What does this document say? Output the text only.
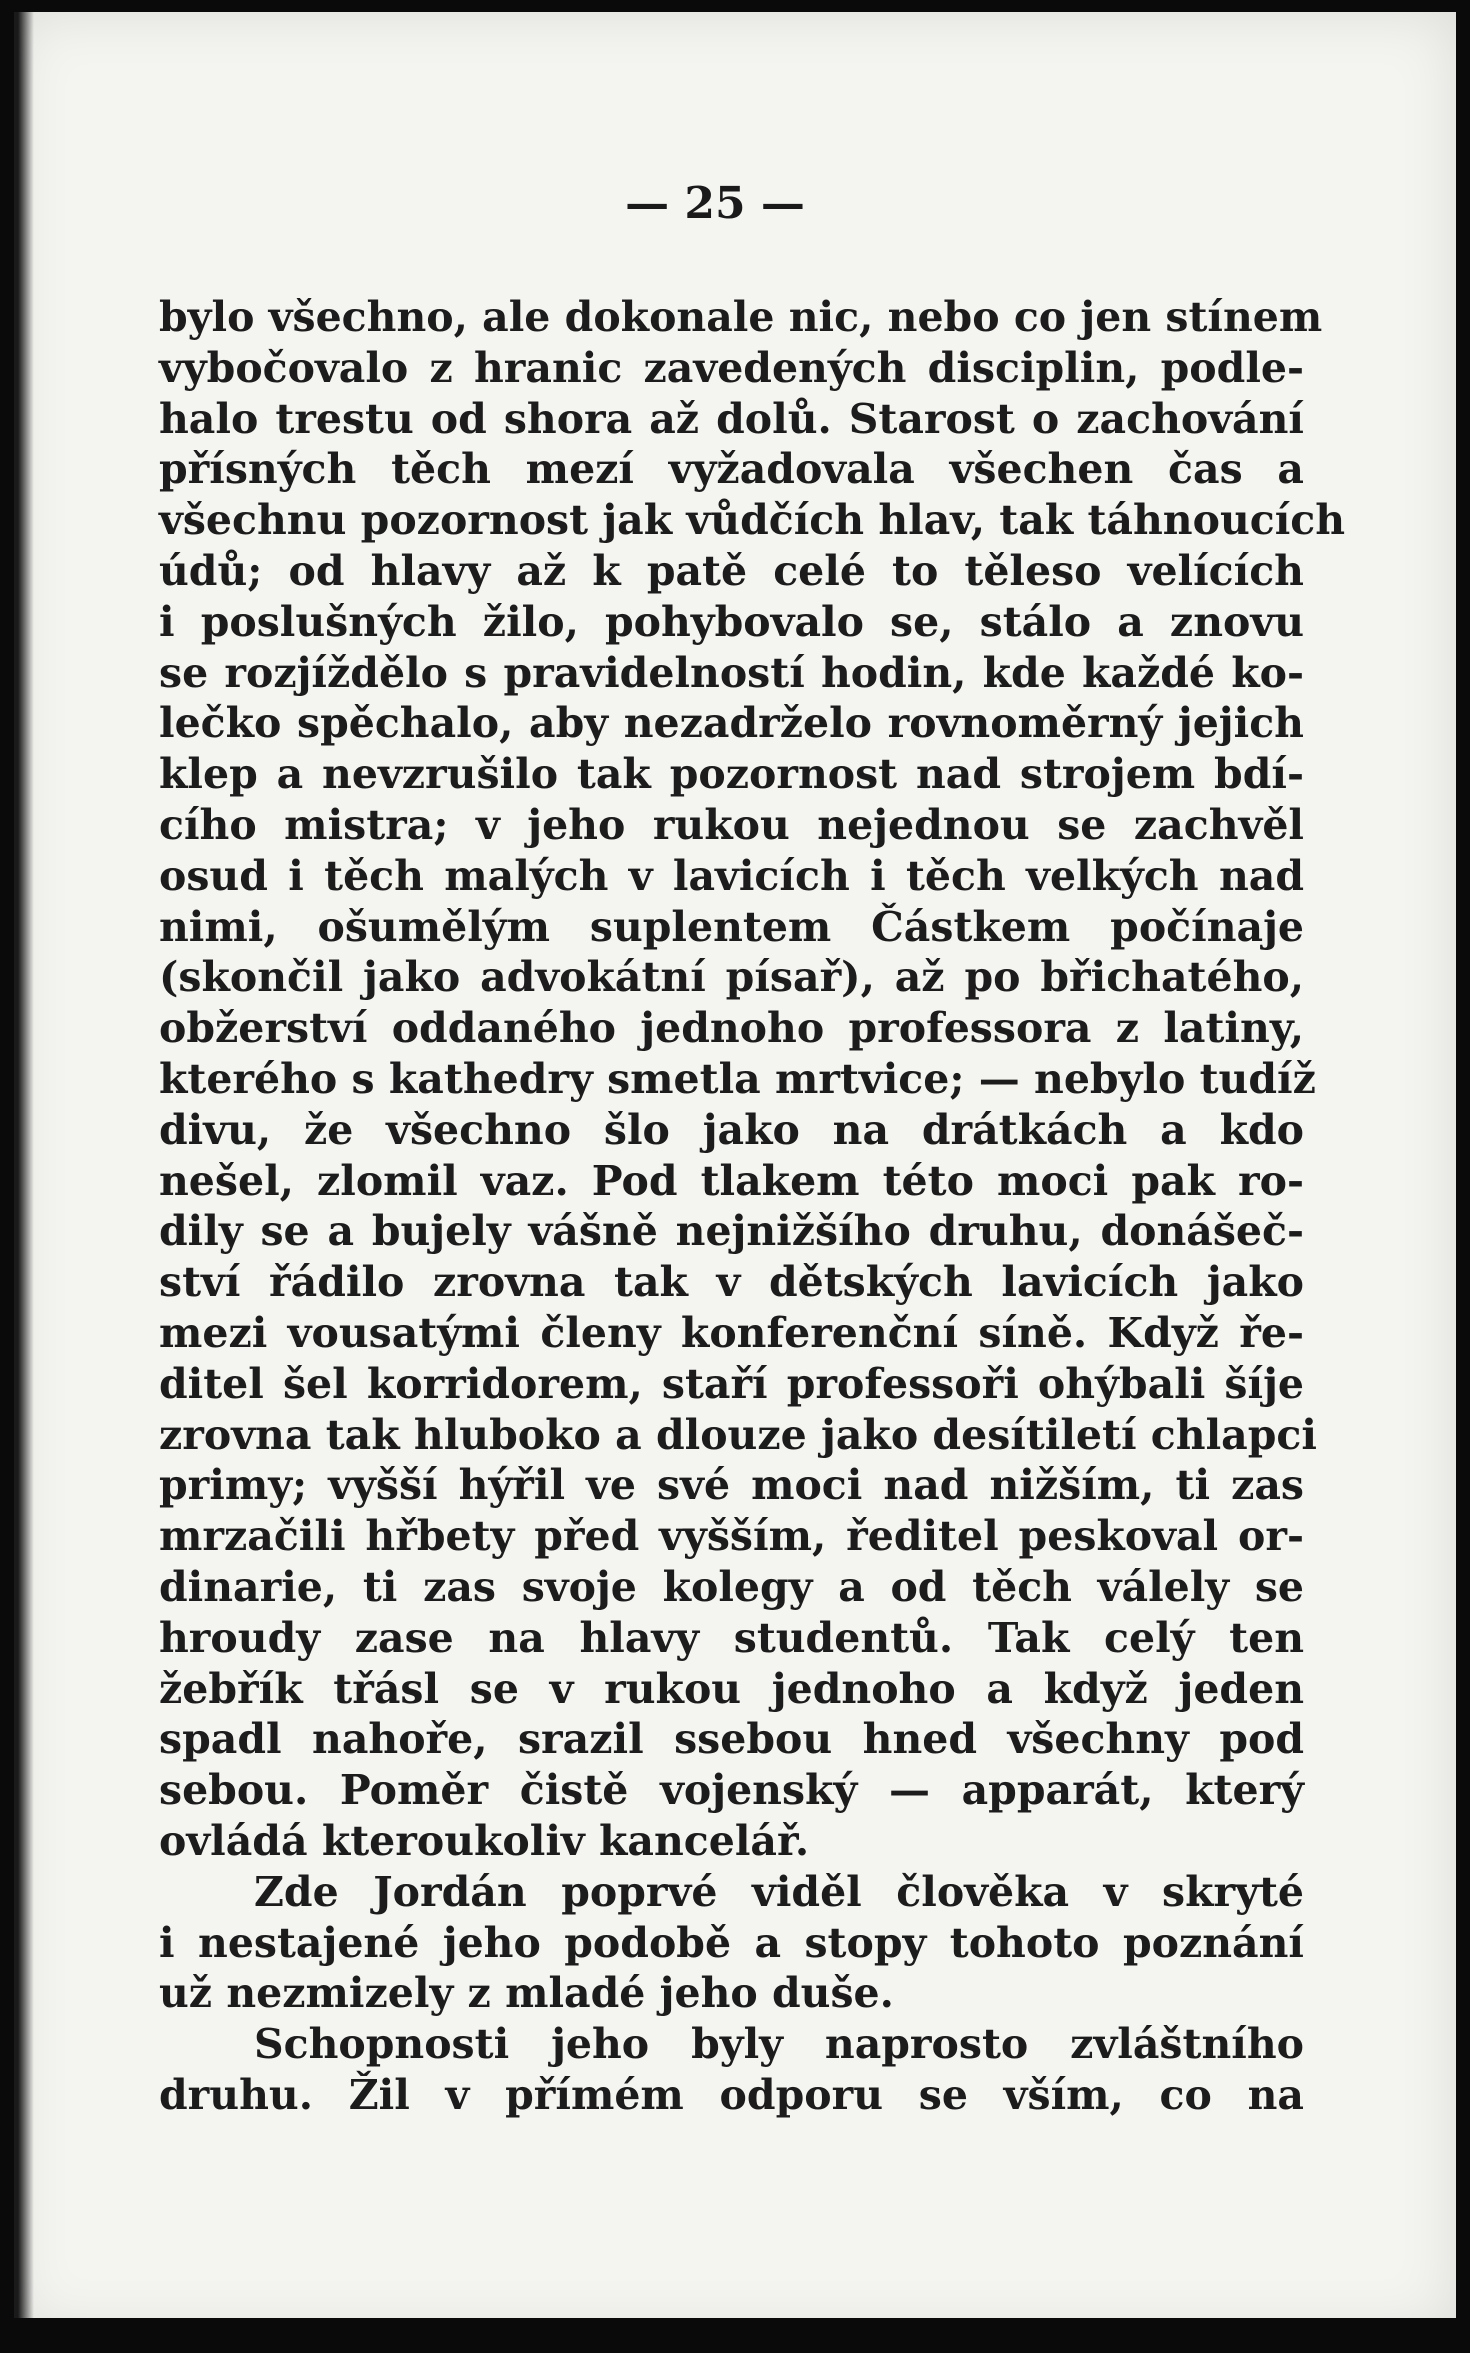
— 25 —
bylo všechno, ale dokonale nic, nebo co jen stínem
vybočovalo z hranic zavedených disciplin, podle-
halo trestu od shora až dolů. Starost o zachování
přísných těch mezí vyžadovala všechen čas a
všechnu pozornost jak vůdčích hlav, tak táhnoucích
údů; od hlavy až k patě celé to těleso velících
i poslušných žilo, pohybovalo se, stálo a znovu
se rozjíždělo s pravidelností hodin, kde každé ko-
lečko spěchalo, aby nezadrželo rovnoměrný jejich
klep a nevzrušilo tak pozornost nad strojem bdí-
cího mistra; v jeho rukou nejednou se zachvěl
osud i těch malých v lavicích i těch velkých nad
nimi, ošumělým suplentem Částkem počínaje
(skončil jako advokátní písař), až po břichatého,
obžerství oddaného jednoho professora z latiny,
kterého s kathedry smetla mrtvice; — nebylo tudíž
divu, že všechno šlo jako na drátkách a kdo
nešel, zlomil vaz. Pod tlakem této moci pak ro-
dily se a bujely vášně nejnižšího druhu, donášeč-
ství řádilo zrovna tak v dětských lavicích jako
mezi vousatými členy konferenční síně. Když ře-
ditel šel korridorem, staří professoři ohýbali šíje
zrovna tak hluboko a dlouze jako desítiletí chlapci
primy; vyšší hýřil ve své moci nad nižším, ti zas
mrzačili hřbety před vyšším, ředitel peskoval or-
dinarie, ti zas svoje kolegy a od těch válely se
hroudy zase na hlavy studentů. Tak celý ten
žebřík třásl se v rukou jednoho a když jeden
spadl nahoře, srazil ssebou hned všechny pod
sebou. Poměr čistě vojenský — apparát, který
ovládá kteroukoliv kancelář.
Zde Jordán poprvé viděl člověka v skryté
i nestajené jeho podobě a stopy tohoto poznání
už nezmizely z mladé jeho duše.
Schopnosti jeho byly naprosto zvláštního
druhu. Žil v přímém odporu se vším, co na
